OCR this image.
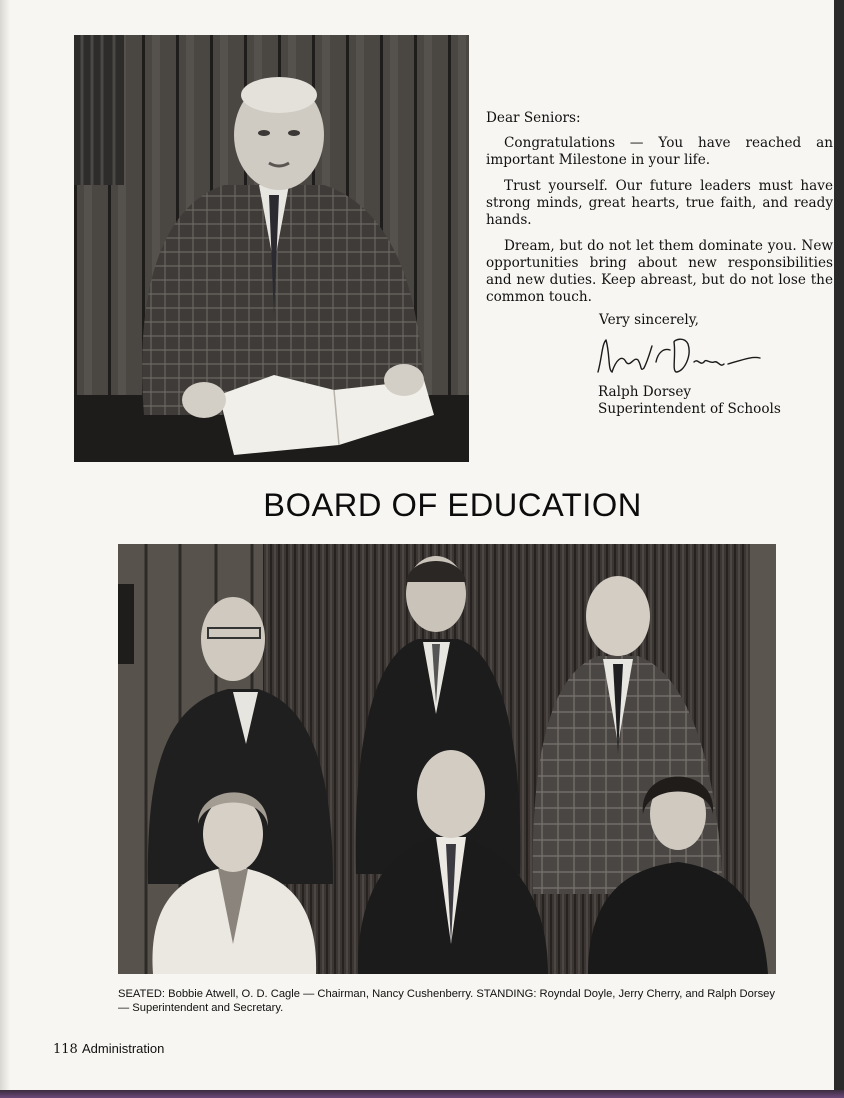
Dear Seniors:

Congratulations — You have reached an important Milestone in your life.

Trust yourself. Our future leaders must have strong minds, great hearts, true faith, and ready hands.

Dream, but do not let them dominate you. New opportunities bring about new responsibilities and new duties. Keep abreast, but do not lose the common touch.

Very sincerely,
Ralph Dorsey
Superintendent of Schools
BOARD OF EDUCATION
SEATED: Bobbie Atwell, O. D. Cagle — Chairman, Nancy Cushenberry. STANDING: Royndal Doyle, Jerry Cherry, and Ralph Dorsey — Superintendent and Secretary.
118 Administration
